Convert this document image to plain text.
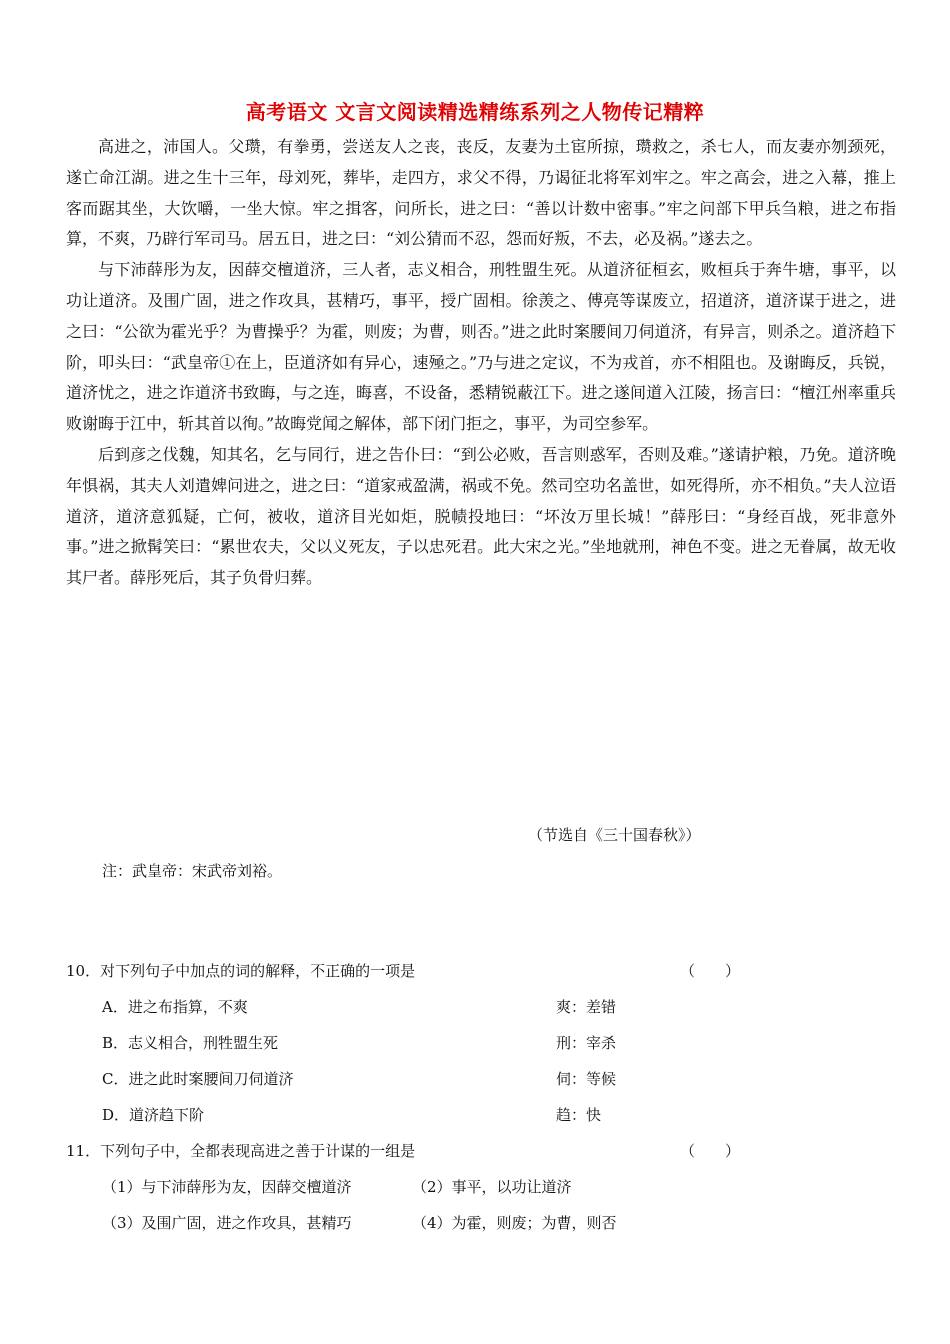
高考语文 文言文阅读精选精练系列之人物传记精粹

高进之，沛国人。父瓒，有拳勇，尝送友人之丧，丧反，友妻为土宦所掠，瓒救之，杀七人，而友妻亦刎颈死，遂亡命江湖。进之生十三年，母刘死，葬毕，走四方，求父不得，乃谒征北将军刘牢之。牢之高会，进之入幕，推上客而踞其坐，大饮嚼，一坐大惊。牢之揖客，问所长，进之曰：“善以计数中密事。”牢之问部下甲兵刍粮，进之布指算，不爽，乃辟行军司马。居五日，进之曰：“刘公猜而不忍，怨而好叛，不去，必及祸。”遂去之。

与下沛薛彤为友，因薛交檀道济，三人者，志义相合，刑牲盟生死。从道济征桓玄，败桓兵于奔牛塘，事平，以功让道济。及围广固，进之作攻具，甚精巧，事平，授广固相。徐羡之、傅亮等谋废立，招道济，道济谋于进之，进之曰：“公欲为霍光乎？为曹操乎？为霍，则废；为曹，则否。”进之此时案腰间刀伺道济，有异言，则杀之。道济趋下阶，叩头曰：“武皇帝①在上，臣道济如有异心，速殛之。”乃与进之定议，不为戎首，亦不相阻也。及谢晦反，兵锐，道济忧之，进之诈道济书致晦，与之连，晦喜，不设备，悉精锐蔽江下。进之遂间道入江陵，扬言曰：“檀江州率重兵败谢晦于江中，斩其首以徇。”故晦党闻之解体，部下闭门拒之，事平，为司空参军。

后到彦之伐魏，知其名，乞与同行，进之告仆曰：“到公必败，吾言则惑军，否则及难。”遂请护粮，乃免。道济晚年惧祸，其夫人刘遣婢问进之，进之曰：“道家戒盈满，祸或不免。然司空功名盖世，如死得所，亦不相负。”夫人泣语道济，道济意狐疑，亡何，被收，道济目光如炬，脱帻投地曰：“坏汝万里长城！”薛彤曰：“身经百战，死非意外事。”进之掀髯笑曰：“累世农夫，父以义死友，子以忠死君。此大宋之光。”坐地就刑，神色不变。进之无眷属，故无收其尸者。薛彤死后，其子负骨归葬。

（节选自《三十国春秋》）
注：武皇帝：宋武帝刘裕。
10．对下列句子中加点的词的解释，不正确的一项是	（　　）
A．进之布指算，不爽	爽：差错
B．志义相合，刑牲盟生死	刑：宰杀
C．进之此时案腰间刀伺道济	伺：等候
D．道济趋下阶	趋：快
11．下列句子中，全都表现高进之善于计谋的一组是	（　　）
（1）与下沛薛彤为友，因薛交檀道济	（2）事平，以功让道济
（3）及围广固，进之作攻具，甚精巧	（4）为霍，则废；为曹，则否
